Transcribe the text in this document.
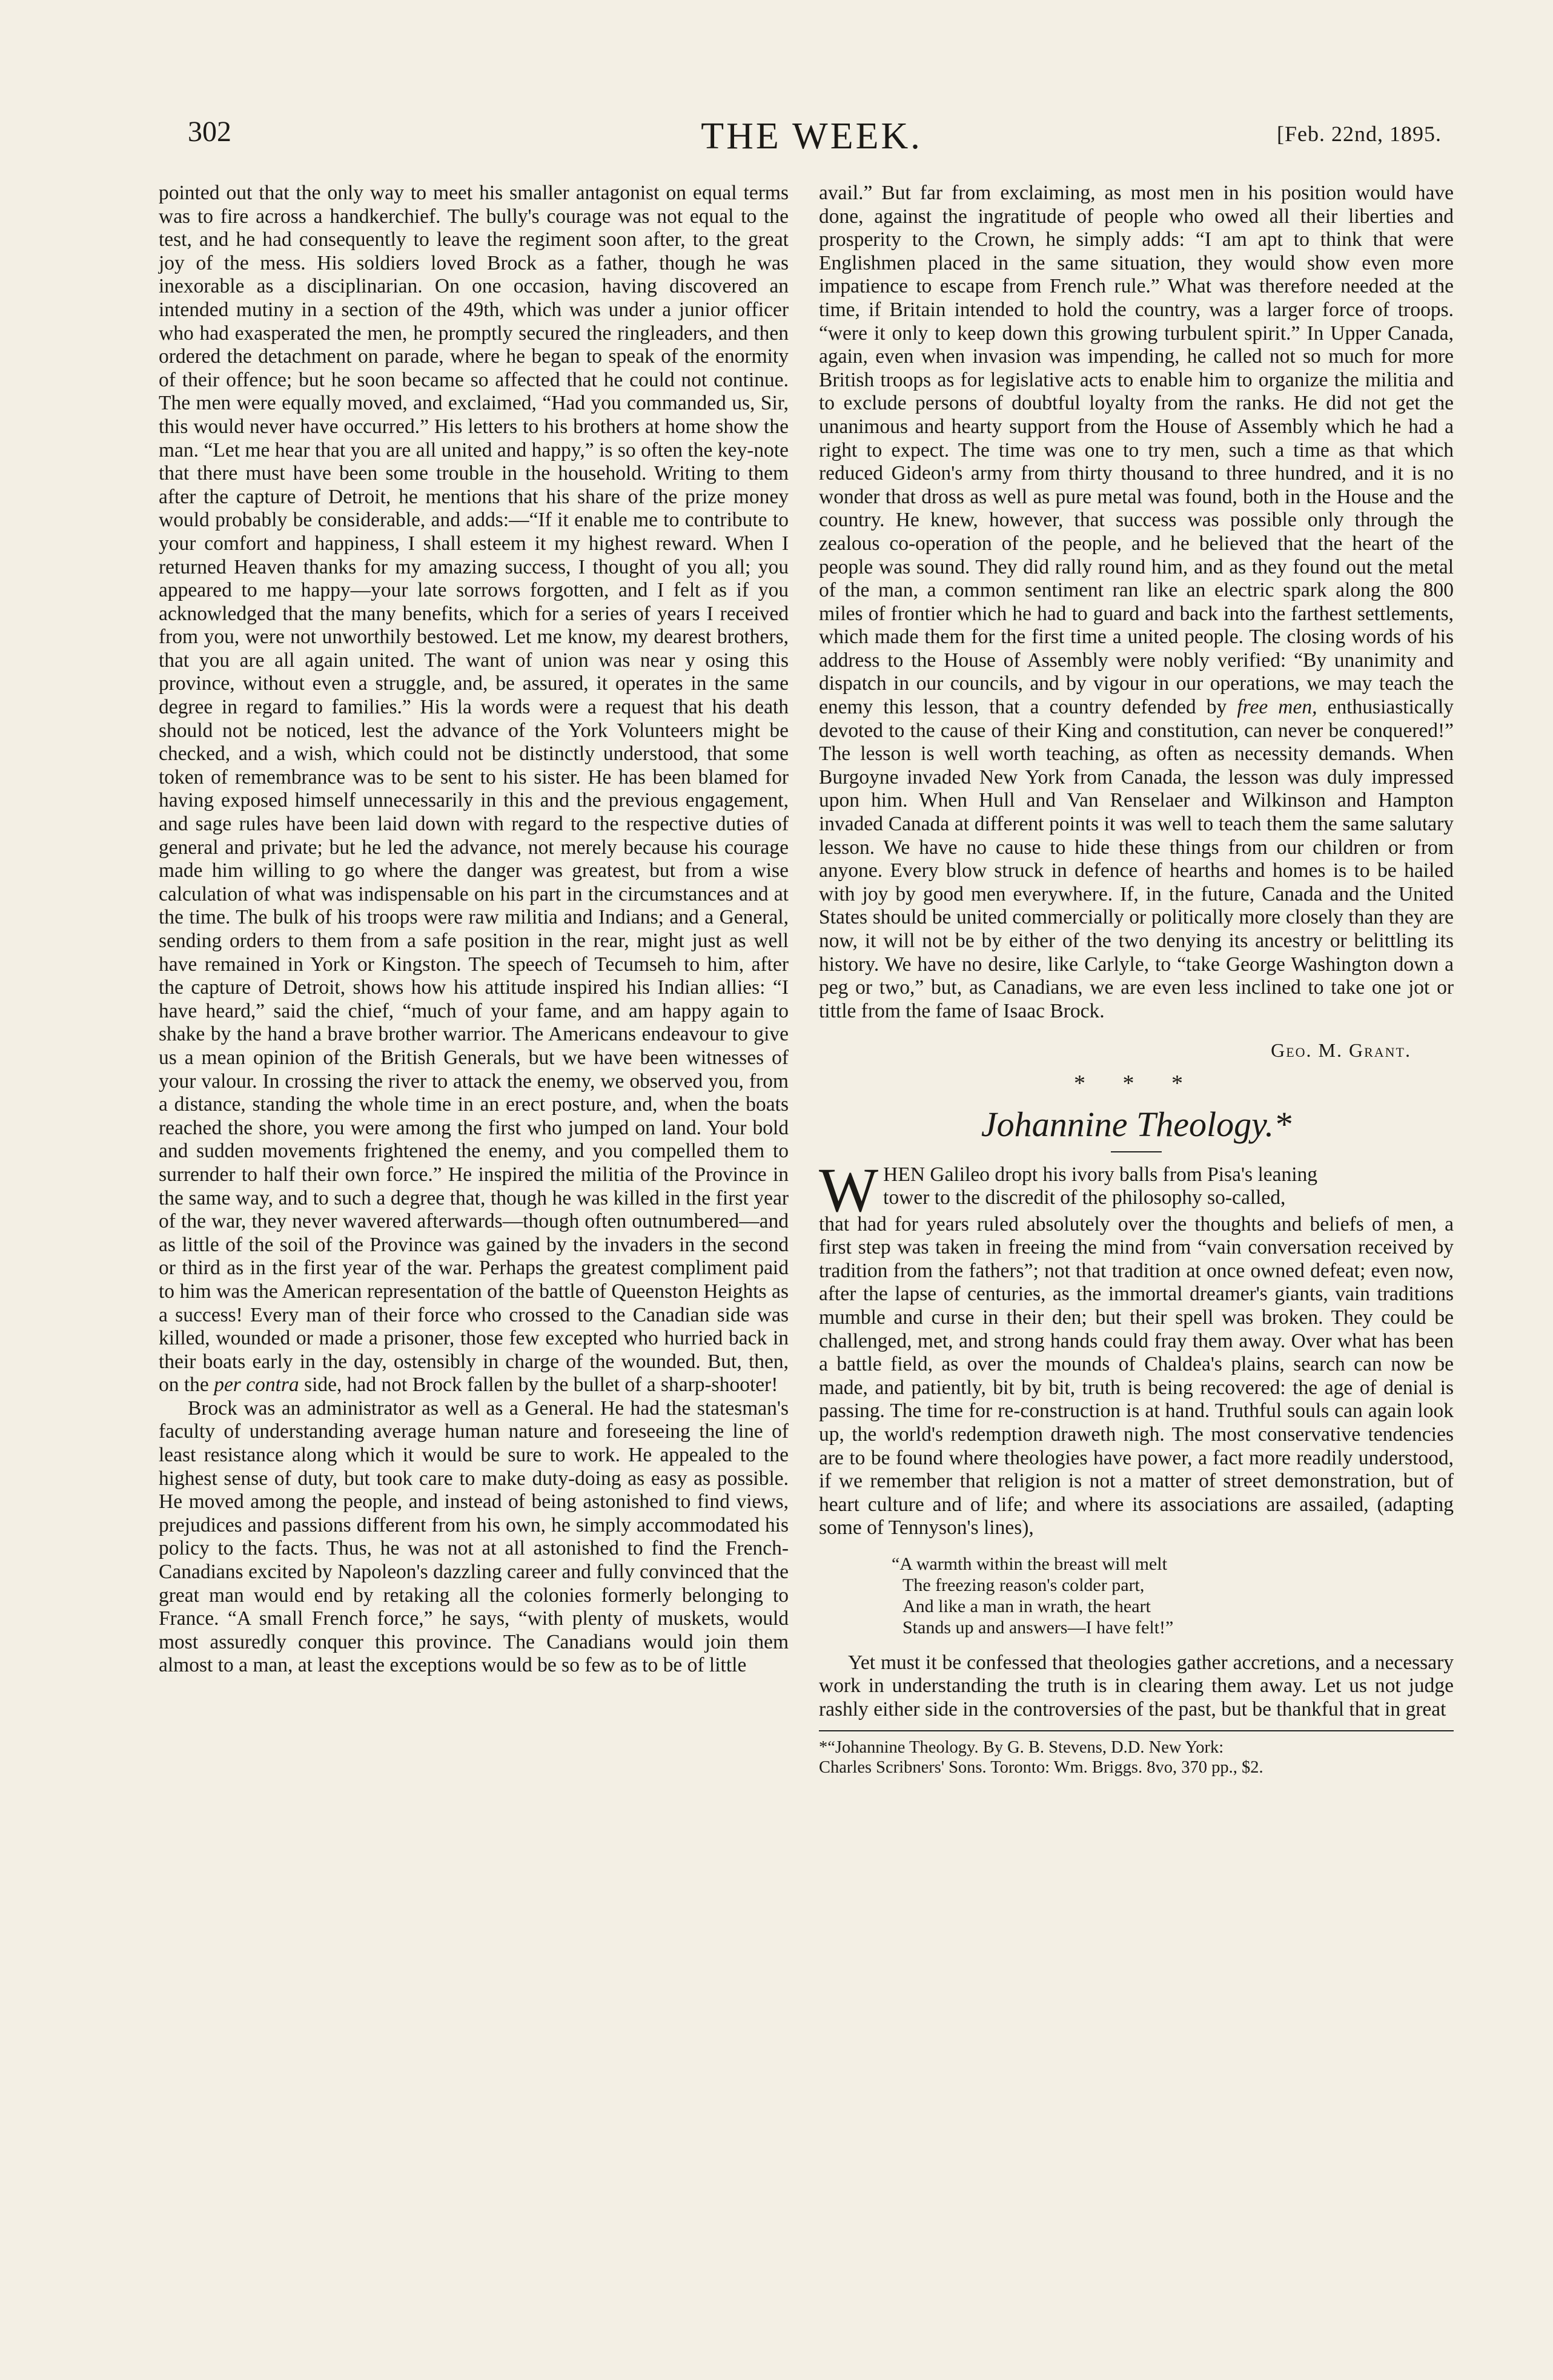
302	THE WEEK.	[Feb. 22nd, 1895.

pointed out that the only way to meet his smaller antagonist on equal terms was to fire across a handkerchief. The bully's courage was not equal to the test, and he had consequently to leave the regiment soon after, to the great joy of the mess. His soldiers loved Brock as a father, though he was inexorable as a disciplinarian. On one occasion, having discovered an intended mutiny in a section of the 49th, which was under a junior officer who had exasperated the men, he promptly secured the ringleaders, and then ordered the detachment on parade, where he began to speak of the enormity of their offence; but he soon became so affected that he could not continue. The men were equally moved, and exclaimed, “Had you commanded us, Sir, this would never have occurred.” His letters to his brothers at home show the man. “Let me hear that you are all united and happy,” is so often the key-note that there must have been some trouble in the household. Writing to them after the capture of Detroit, he mentions that his share of the prize money would probably be considerable, and adds:—“If it enable me to contribute to your comfort and happiness, I shall esteem it my highest reward. When I returned Heaven thanks for my amazing success, I thought of you all; you appeared to me happy—your late sorrows forgotten, and I felt as if you acknowledged that the many benefits, which for a series of years I received from you, were not unworthily bestowed. Let me know, my dearest brothers, that you are all again united. The want of union was near y osing this province, without even a struggle, and, be assured, it operates in the same degree in regard to families.” His la words were a request that his death should not be noticed, lest the advance of the York Volunteers might be checked, and a wish, which could not be distinctly understood, that some token of remembrance was to be sent to his sister. He has been blamed for having exposed himself unnecessarily in this and the previous engagement, and sage rules have been laid down with regard to the respective duties of general and private; but he led the advance, not merely because his courage made him willing to go where the danger was greatest, but from a wise calculation of what was indispensable on his part in the circumstances and at the time. The bulk of his troops were raw militia and Indians; and a General, sending orders to them from a safe position in the rear, might just as well have remained in York or Kingston. The speech of Tecumseh to him, after the capture of Detroit, shows how his attitude inspired his Indian allies: “I have heard,” said the chief, “much of your fame, and am happy again to shake by the hand a brave brother warrior. The Americans endeavour to give us a mean opinion of the British Generals, but we have been witnesses of your valour. In crossing the river to attack the enemy, we observed you, from a distance, standing the whole time in an erect posture, and, when the boats reached the shore, you were among the first who jumped on land. Your bold and sudden movements frightened the enemy, and you compelled them to surrender to half their own force.” He inspired the militia of the Province in the same way, and to such a degree that, though he was killed in the first year of the war, they never wavered afterwards—though often outnumbered—and as little of the soil of the Province was gained by the invaders in the second or third as in the first year of the war. Perhaps the greatest compliment paid to him was the American representation of the battle of Queenston Heights as a success! Every man of their force who crossed to the Canadian side was killed, wounded or made a prisoner, those few excepted who hurried back in their boats early in the day, ostensibly in charge of the wounded. But, then, on the per contra side, had not Brock fallen by the bullet of a sharp-shooter!

Brock was an administrator as well as a General. He had the statesman's faculty of understanding average human nature and foreseeing the line of least resistance along which it would be sure to work. He appealed to the highest sense of duty, but took care to make duty-doing as easy as possible. He moved among the people, and instead of being astonished to find views, prejudices and passions different from his own, he simply accommodated his policy to the facts. Thus, he was not at all astonished to find the French-Canadians excited by Napoleon's dazzling career and fully convinced that the great man would end by retaking all the colonies formerly belonging to France. “A small French force,” he says, “with plenty of muskets, would most assuredly conquer this province. The Canadians would join them almost to a man, at least the exceptions would be so few as to be of little

avail.” But far from exclaiming, as most men in his position would have done, against the ingratitude of people who owed all their liberties and prosperity to the Crown, he simply adds: “I am apt to think that were Englishmen placed in the same situation, they would show even more impatience to escape from French rule.” What was therefore needed at the time, if Britain intended to hold the country, was a larger force of troops. “were it only to keep down this growing turbulent spirit.” In Upper Canada, again, even when invasion was impending, he called not so much for more British troops as for legislative acts to enable him to organize the militia and to exclude persons of doubtful loyalty from the ranks. He did not get the unanimous and hearty support from the House of Assembly which he had a right to expect. The time was one to try men, such a time as that which reduced Gideon's army from thirty thousand to three hundred, and it is no wonder that dross as well as pure metal was found, both in the House and the country. He knew, however, that success was possible only through the zealous co-operation of the people, and he believed that the heart of the people was sound. They did rally round him, and as they found out the metal of the man, a common sentiment ran like an electric spark along the 800 miles of frontier which he had to guard and back into the farthest settlements, which made them for the first time a united people. The closing words of his address to the House of Assembly were nobly verified: “By unanimity and dispatch in our councils, and by vigour in our operations, we may teach the enemy this lesson, that a country defended by free men, enthusiastically devoted to the cause of their King and constitution, can never be conquered!” The lesson is well worth teaching, as often as necessity demands. When Burgoyne invaded New York from Canada, the lesson was duly impressed upon him. When Hull and Van Renselaer and Wilkinson and Hampton invaded Canada at different points it was well to teach them the same salutary lesson. We have no cause to hide these things from our children or from anyone. Every blow struck in defence of hearths and homes is to be hailed with joy by good men everywhere. If, in the future, Canada and the United States should be united commercially or politically more closely than they are now, it will not be by either of the two denying its ancestry or belittling its history. We have no desire, like Carlyle, to “take George Washington down a peg or two,” but, as Canadians, we are even less inclined to take one jot or tittle from the fame of Isaac Brock.

Geo. M. Grant.
* * *
Johannine Theology.*

WHEN Galileo dropt his ivory balls from Pisa's leaning
tower to the discredit of the philosophy so-called,
that had for years ruled absolutely over the thoughts and beliefs of men, a first step was taken in freeing the mind from “vain conversation received by tradition from the fathers”; not that tradition at once owned defeat; even now, after the lapse of centuries, as the immortal dreamer's giants, vain traditions mumble and curse in their den; but their spell was broken. They could be challenged, met, and strong hands could fray them away. Over what has been a battle field, as over the mounds of Chaldea's plains, search can now be made, and patiently, bit by bit, truth is being recovered: the age of denial is passing. The time for re-construction is at hand. Truthful souls can again look up, the world's redemption draweth nigh. The most conservative tendencies are to be found where theologies have power, a fact more readily understood, if we remember that religion is not a matter of street demonstration, but of heart culture and of life; and where its associations are assailed, (adapting some of Tennyson's lines),

“A warmth within the breast will melt
The freezing reason's colder part,
And like a man in wrath, the heart
Stands up and answers—I have felt!”

Yet must it be confessed that theologies gather accretions, and a necessary work in understanding the truth is in clearing them away. Let us not judge rashly either side in the controversies of the past, but be thankful that in great

*“Johannine Theology. By G. B. Stevens, D.D. New York:
Charles Scribners' Sons. Toronto: Wm. Briggs. 8vo, 370 pp., $2.
